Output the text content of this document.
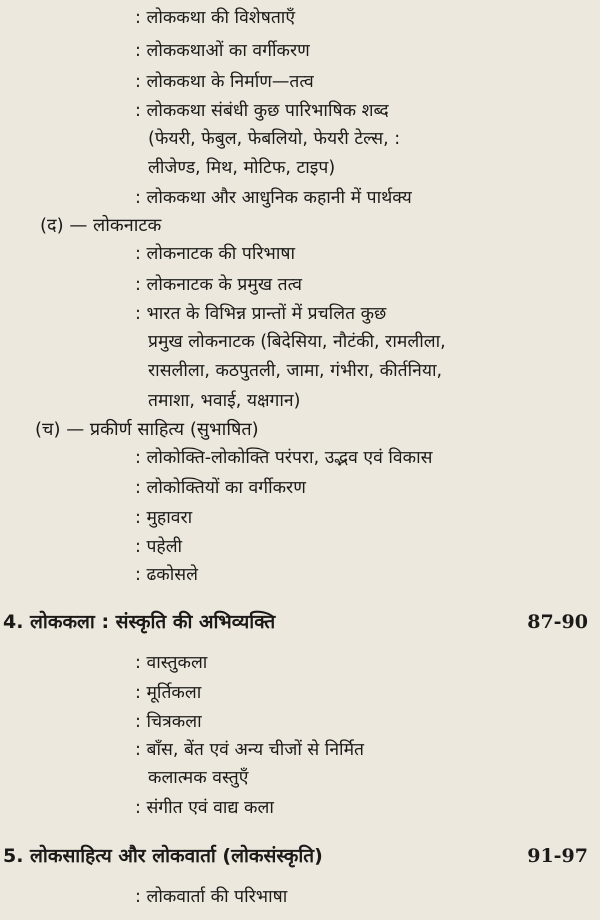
: लोककथा की विशेषताएँ
: लोककथाओं का वर्गीकरण
: लोककथा के निर्माण—तत्व
: लोककथा संबंधी कुछ पारिभाषिक शब्द
(फेयरी, फेबुल, फेबलियो, फेयरी टेल्स, :
लीजेण्ड, मिथ, मोटिफ, टाइप)
: लोककथा और आधुनिक कहानी में पार्थक्य
(द) — लोकनाटक
: लोकनाटक की परिभाषा
: लोकनाटक के प्रमुख तत्व
: भारत के विभिन्न प्रान्तों में प्रचलित कुछ
प्रमुख लोकनाटक (बिदेसिया, नौटंकी, रामलीला,
रासलीला, कठपुतली, जामा, गंभीरा, कीर्तनिया,
तमाशा, भवाई, यक्षगान)
(च) — प्रकीर्ण साहित्य (सुभाषित)
: लोकोक्ति-लोकोक्ति परंपरा, उद्भव एवं विकास
: लोकोक्तियों का वर्गीकरण
: मुहावरा
: पहेली
: ढकोसले
4. लोककला : संस्कृति की अभिव्यक्ति	87-90
: वास्तुकला
: मूर्तिकला
: चित्रकला
: बाँस, बेंत एवं अन्य चीजों से निर्मित
कलात्मक वस्तुएँ
: संगीत एवं वाद्य कला
5. लोकसाहित्य और लोकवार्ता (लोकसंस्कृति)	91-97
: लोकवार्ता की परिभाषा
